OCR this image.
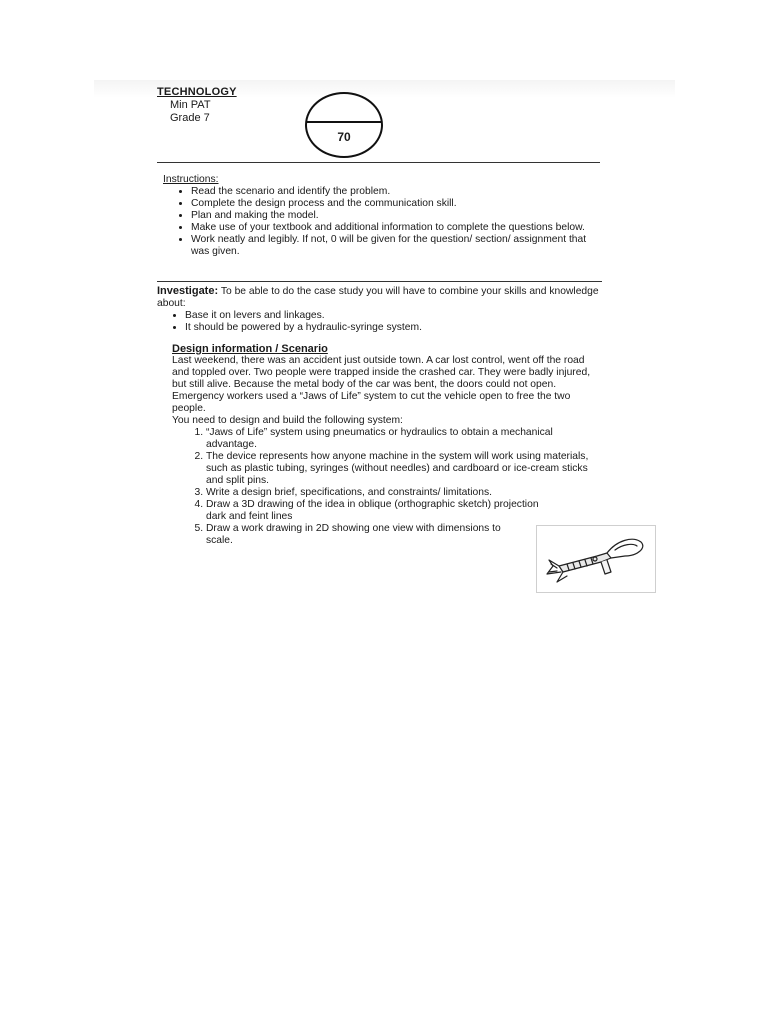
TECHNOLOGY
Min PAT
Grade 7
70
Instructions:
• Read the scenario and identify the problem.
• Complete the design process and the communication skill.
• Plan and making the model.
• Make use of your textbook and additional information to complete the questions below.
• Work neatly and legibly. If not, 0 will be given for the question/ section/ assignment that was given.
Investigate: To be able to do the case study you will have to combine your skills and knowledge about:
• Base it on levers and linkages.
• It should be powered by a hydraulic-syringe system.
Design information / Scenario
Last weekend, there was an accident just outside town. A car lost control, went off the road and toppled over. Two people were trapped inside the crashed car. They were badly injured, but still alive. Because the metal body of the car was bent, the doors could not open. Emergency workers used a “Jaws of Life” system to cut the vehicle open to free the two people.
You need to design and build the following system:
1. “Jaws of Life” system using pneumatics or hydraulics to obtain a mechanical advantage.
2. The device represents how anyone machine in the system will work using materials, such as plastic tubing, syringes (without needles) and cardboard or ice-cream sticks and split pins.
3. Write a design brief, specifications, and constraints/ limitations.
4. Draw a 3D drawing of the idea in oblique (orthographic sketch) projection dark and feint lines
5. Draw a work drawing in 2D showing one view with dimensions to scale.
